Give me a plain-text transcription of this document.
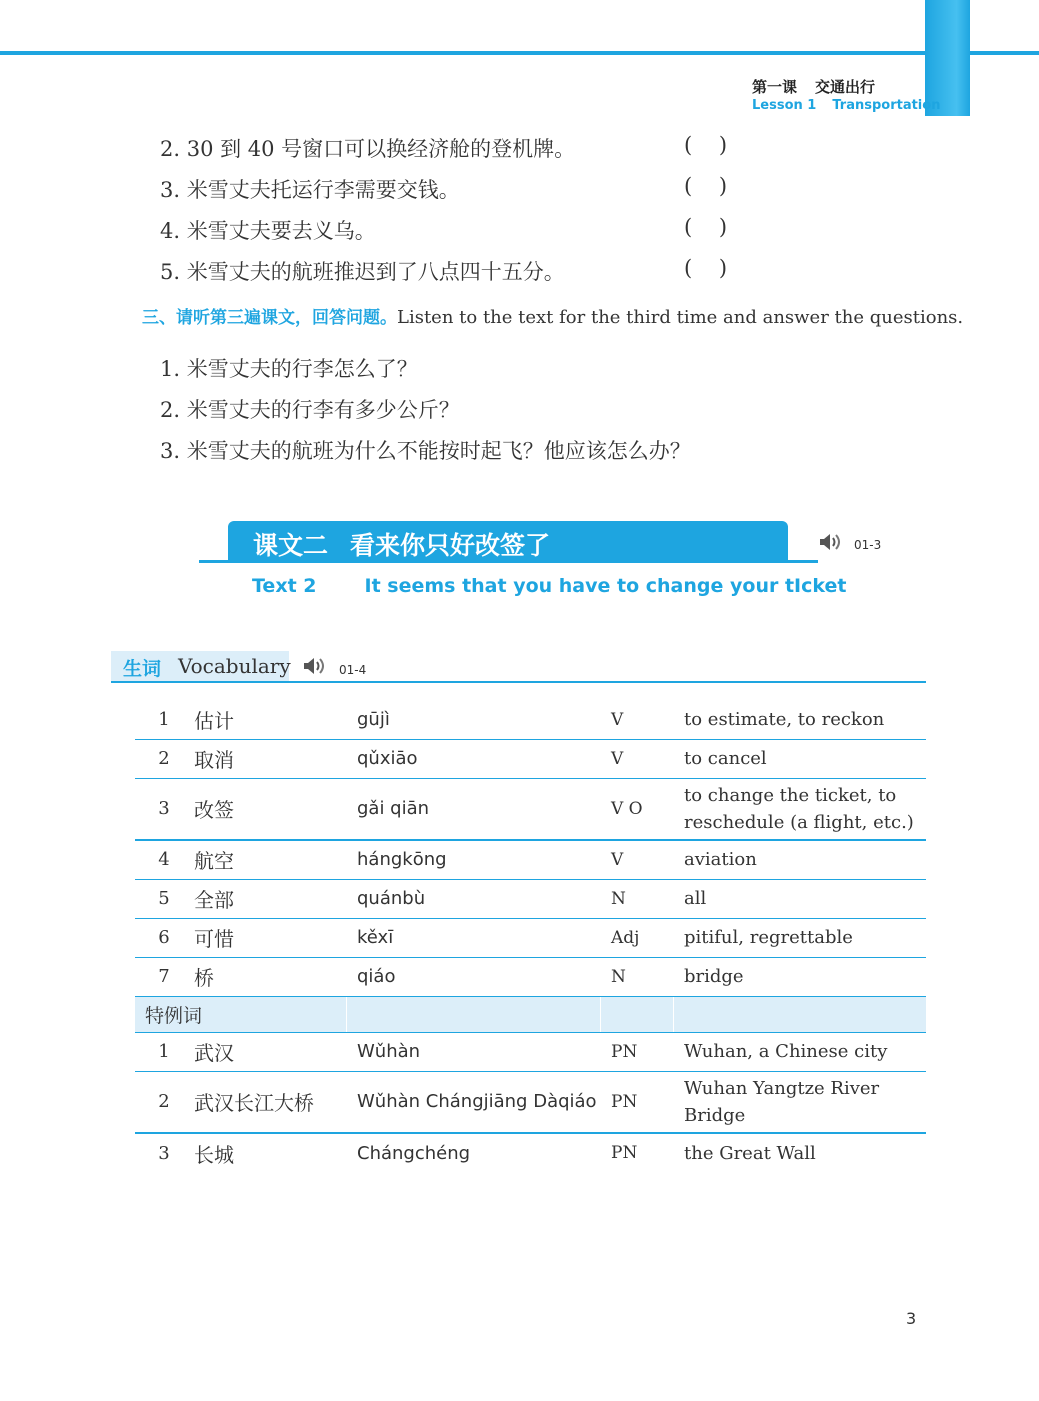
第一课 交通出行
Lesson 1 Transportation
2. 30 到 40 号窗口可以换经济舱的登机牌。	(    )
3. 米雪丈夫托运行李需要交钱。	(    )
4. 米雪丈夫要去义乌。	(    )
5. 米雪丈夫的航班推迟到了八点四十五分。	(    )
三、请听第三遍课文，回答问题。Listen to the text for the third time and answer the questions.
1. 米雪丈夫的行李怎么了？
2. 米雪丈夫的行李有多少公斤？
3. 米雪丈夫的航班为什么不能按时起飞？他应该怎么办？
课文二 看来你只好改签了
Text 2	It seems that you have to change your tIcket
01-3
生词 Vocabulary	01-4
1	估计	gūjì	V	to estimate, to reckon
2	取消	qǔxiāo	V	to cancel
3	改签	gǎi qiān	V O	to change the ticket, to reschedule (a flight, etc.)
4	航空	hángkōng	V	aviation
5	全部	quánbù	N	all
6	可惜	kěxī	Adj	pitiful, regrettable
7	桥	qiáo	N	bridge
特例词				
1	武汉	Wǔhàn	PN	Wuhan, a Chinese city
2	武汉长江大桥	Wǔhàn Chángjiāng Dàqiáo	PN	Wuhan Yangtze River Bridge
3	长城	Chángchéng	PN	the Great Wall
3
